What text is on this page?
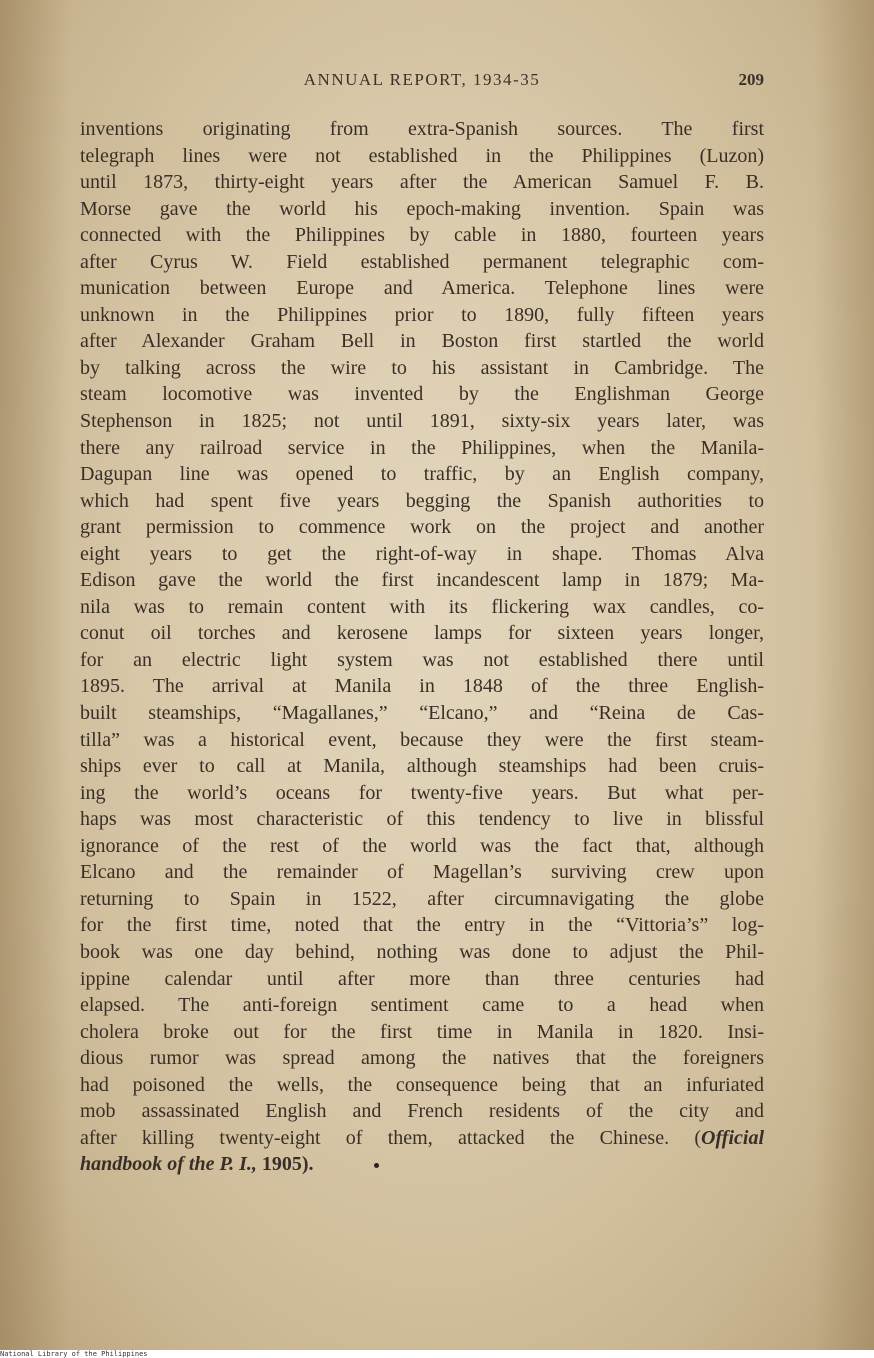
ANNUAL REPORT, 1934-35	209
inventions originating from extra-Spanish sources. The first
telegraph lines were not established in the Philippines (Luzon)
until 1873, thirty-eight years after the American Samuel F. B.
Morse gave the world his epoch-making invention. Spain was
connected with the Philippines by cable in 1880, fourteen years
after Cyrus W. Field established permanent telegraphic com-
munication between Europe and America. Telephone lines were
unknown in the Philippines prior to 1890, fully fifteen years
after Alexander Graham Bell in Boston first startled the world
by talking across the wire to his assistant in Cambridge. The
steam locomotive was invented by the Englishman George
Stephenson in 1825; not until 1891, sixty-six years later, was
there any railroad service in the Philippines, when the Manila-
Dagupan line was opened to traffic, by an English company,
which had spent five years begging the Spanish authorities to
grant permission to commence work on the project and another
eight years to get the right-of-way in shape. Thomas Alva
Edison gave the world the first incandescent lamp in 1879; Ma-
nila was to remain content with its flickering wax candles, co-
conut oil torches and kerosene lamps for sixteen years longer,
for an electric light system was not established there until
1895. The arrival at Manila in 1848 of the three English-
built steamships, “Magallanes,” “Elcano,” and “Reina de Cas-
tilla” was a historical event, because they were the first steam-
ships ever to call at Manila, although steamships had been cruis-
ing the world’s oceans for twenty-five years. But what per-
haps was most characteristic of this tendency to live in blissful
ignorance of the rest of the world was the fact that, although
Elcano and the remainder of Magellan’s surviving crew upon
returning to Spain in 1522, after circumnavigating the globe
for the first time, noted that the entry in the “Vittoria’s” log-
book was one day behind, nothing was done to adjust the Phil-
ippine calendar until after more than three centuries had
elapsed. The anti-foreign sentiment came to a head when
cholera broke out for the first time in Manila in 1820. Insi-
dious rumor was spread among the natives that the foreigners
had poisoned the wells, the consequence being that an infuriated
mob assassinated English and French residents of the city and
after killing twenty-eight of them, attacked the Chinese. (Official
handbook of the P. I., 1905).
National Library of the Philippines
